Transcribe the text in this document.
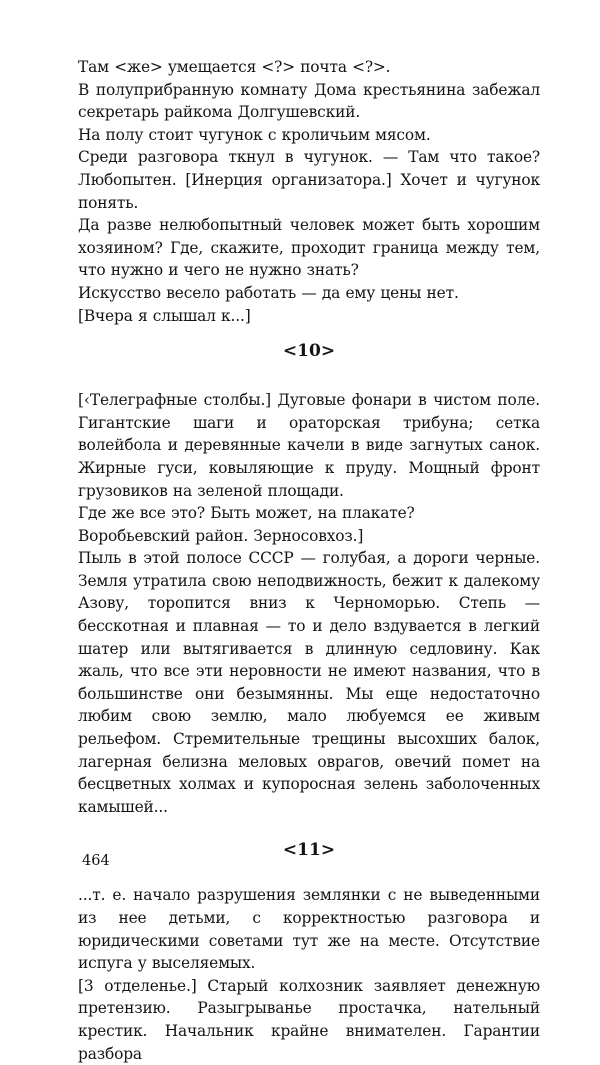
Там <же> умещается <?> почта <?>.

В полуприбранную комнату Дома крестьянина забежал секретарь райкома Долгушевский.

На полу стоит чугунок с кроличьим мясом.

Среди разговора ткнул в чугунок. — Там что такое? Любопытен. [Инерция организатора.] Хочет и чугунок понять.

Да разве нелюбопытный человек может быть хорошим хозяином? Где, скажите, проходит граница между тем, что нужно и чего не нужно знать?

Искусство весело работать — да ему цены нет.

[Вчера я слышал к...]

<10>

[‹Телеграфные столбы.] Дуговые фонари в чистом поле. Гигантские шаги и ораторская трибуна; сетка волейбола и деревянные качели в виде загнутых санок. Жирные гуси, ковыляющие к пруду. Мощный фронт грузовиков на зеленой площади.

Где же все это? Быть может, на плакате?

Воробьевский район. Зерносовхоз.]

Пыль в этой полосе СССР — голубая, а дороги черные. Земля утратила свою неподвижность, бежит к далекому Азову, торопится вниз к Черноморью. Степь — бесскотная и плавная — то и дело вздувается в легкий шатер или вытягивается в длинную седловину. Как жаль, что все эти неровности не имеют названия, что в большинстве они безымянны. Мы еще недостаточно любим свою землю, мало любуемся ее живым рельефом. Стремительные трещины высохших балок, лагерная белизна меловых оврагов, овечий помет на бесцветных холмах и купоросная зелень заболоченных камышей...

<11>

...т. е. начало разрушения землянки с не выведенными из нее детьми, с корректностью разговора и юридическими советами тут же на месте. Отсутствие испуга у выселяемых.

[3 отделенье.] Старый колхозник заявляет денежную претензию. Разыгрываньe простачка, нательный крестик. Начальник крайне внимателен. Гарантии разбора

464
